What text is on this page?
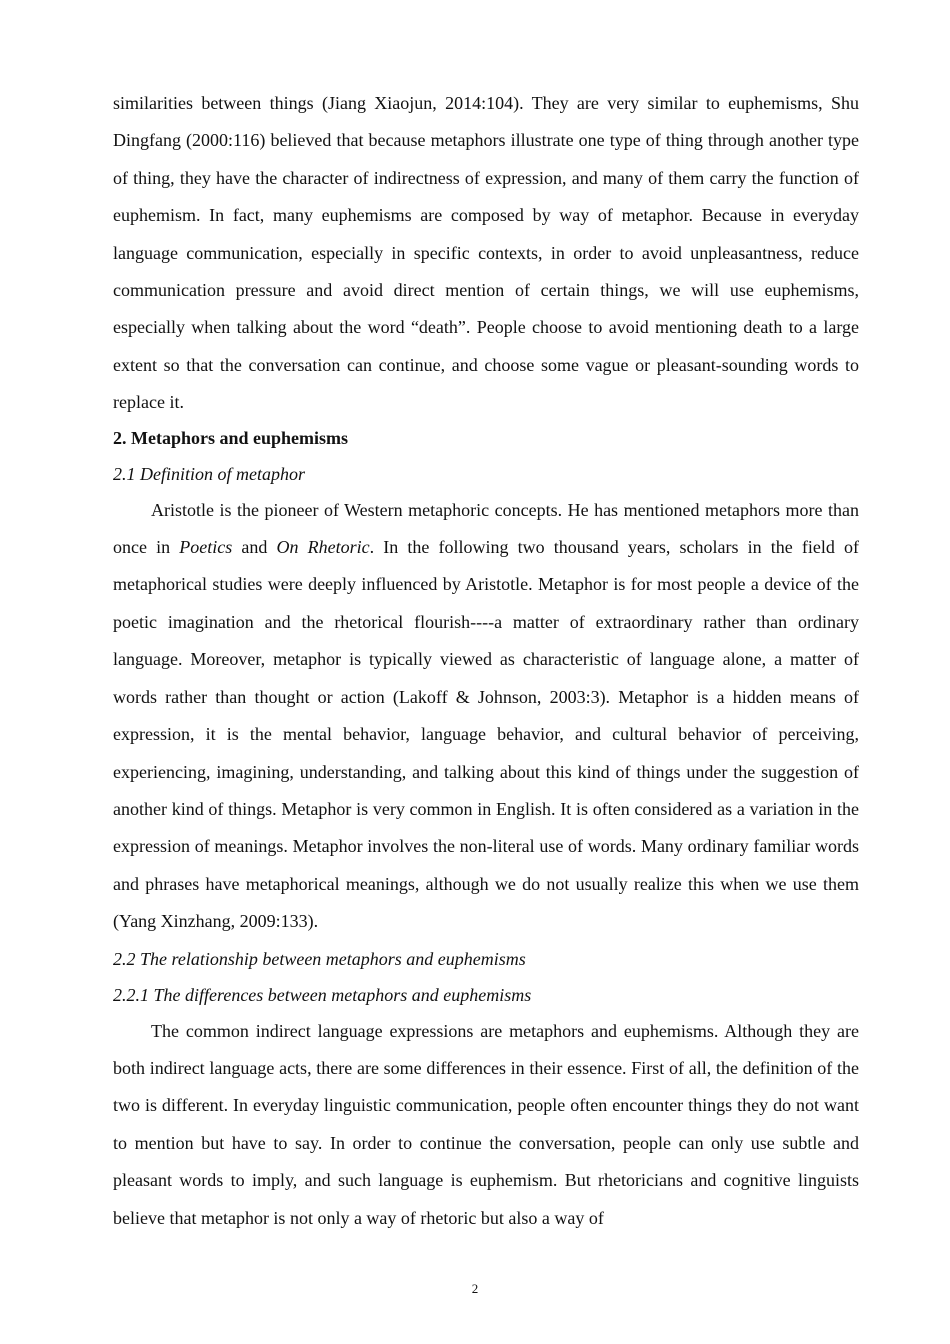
similarities between things (Jiang Xiaojun, 2014:104). They are very similar to euphemisms, Shu Dingfang (2000:116) believed that because metaphors illustrate one type of thing through another type of thing, they have the character of indirectness of expression, and many of them carry the function of euphemism. In fact, many euphemisms are composed by way of metaphor. Because in everyday language communication, especially in specific contexts, in order to avoid unpleasantness, reduce communication pressure and avoid direct mention of certain things, we will use euphemisms, especially when talking about the word “death”. People choose to avoid mentioning death to a large extent so that the conversation can continue, and choose some vague or pleasant-sounding words to replace it.

2. Metaphors and euphemisms
2.1 Definition of metaphor

Aristotle is the pioneer of Western metaphoric concepts. He has mentioned metaphors more than once in Poetics and On Rhetoric. In the following two thousand years, scholars in the field of metaphorical studies were deeply influenced by Aristotle. Metaphor is for most people a device of the poetic imagination and the rhetorical flourish----a matter of extraordinary rather than ordinary language. Moreover, metaphor is typically viewed as characteristic of language alone, a matter of words rather than thought or action (Lakoff & Johnson, 2003:3). Metaphor is a hidden means of expression, it is the mental behavior, language behavior, and cultural behavior of perceiving, experiencing, imagining, understanding, and talking about this kind of things under the suggestion of another kind of things. Metaphor is very common in English. It is often considered as a variation in the expression of meanings. Metaphor involves the non-literal use of words. Many ordinary familiar words and phrases have metaphorical meanings, although we do not usually realize this when we use them (Yang Xinzhang, 2009:133).

2.2 The relationship between metaphors and euphemisms
2.2.1 The differences between metaphors and euphemisms

The common indirect language expressions are metaphors and euphemisms. Although they are both indirect language acts, there are some differences in their essence. First of all, the definition of the two is different. In everyday linguistic communication, people often encounter things they do not want to mention but have to say. In order to continue the conversation, people can only use subtle and pleasant words to imply, and such language is euphemism. But rhetoricians and cognitive linguists believe that metaphor is not only a way of rhetoric but also a way of

2
